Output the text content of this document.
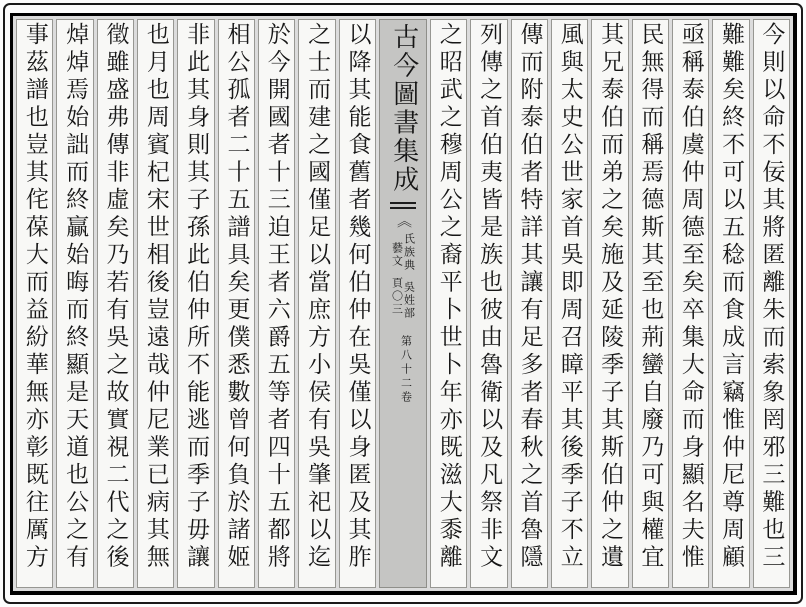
今則以命不佞其將匿離朱而索象罔邪三難也三
難難矣終不可以五稔而食成言竊惟仲尼尊周顧
亟稱泰伯虞仲周德至矣卒集大命而身顯名夫惟
民無得而稱焉德斯其至也荊蠻自廢乃可與權宜
其兄泰伯而弟之矣施及延陵季子其斯伯仲之遺
風與太史公世家首吳即周召瞕平其後季子不立
傳而附泰伯者特詳其讓有足多者春秋之首魯隱
列傳之首伯夷皆是族也彼由魯衛以及凡祭非文
之昭武之穆周公之裔平卜世卜年亦既滋大黍離
古今圖書集成
《
氏族典
吳姓部
藝文
頁〇三
第八十二卷
以降其能食舊者幾何伯仲在吳僅以身匿及其胙
之士而建之國僅足以當庶方小侯有吳肇祀以迄
於今開國者十三迫王者六爵五等者四十五都將
相公孤者二十五譜具矣更僕悉數曾何負於諸姬
非此其身則其子孫此伯仲所不能逃而季子毋讓
也月也周賓杞宋世相後豈遠哉仲尼業已病其無
徵雖盛弗傳非虛矣乃若有吳之故實視二代之後
焯焯焉始詘而終贏始晦而終顯是天道也公之有
事茲譜也豈其侘葆大而益紛華無亦彰既往厲方
